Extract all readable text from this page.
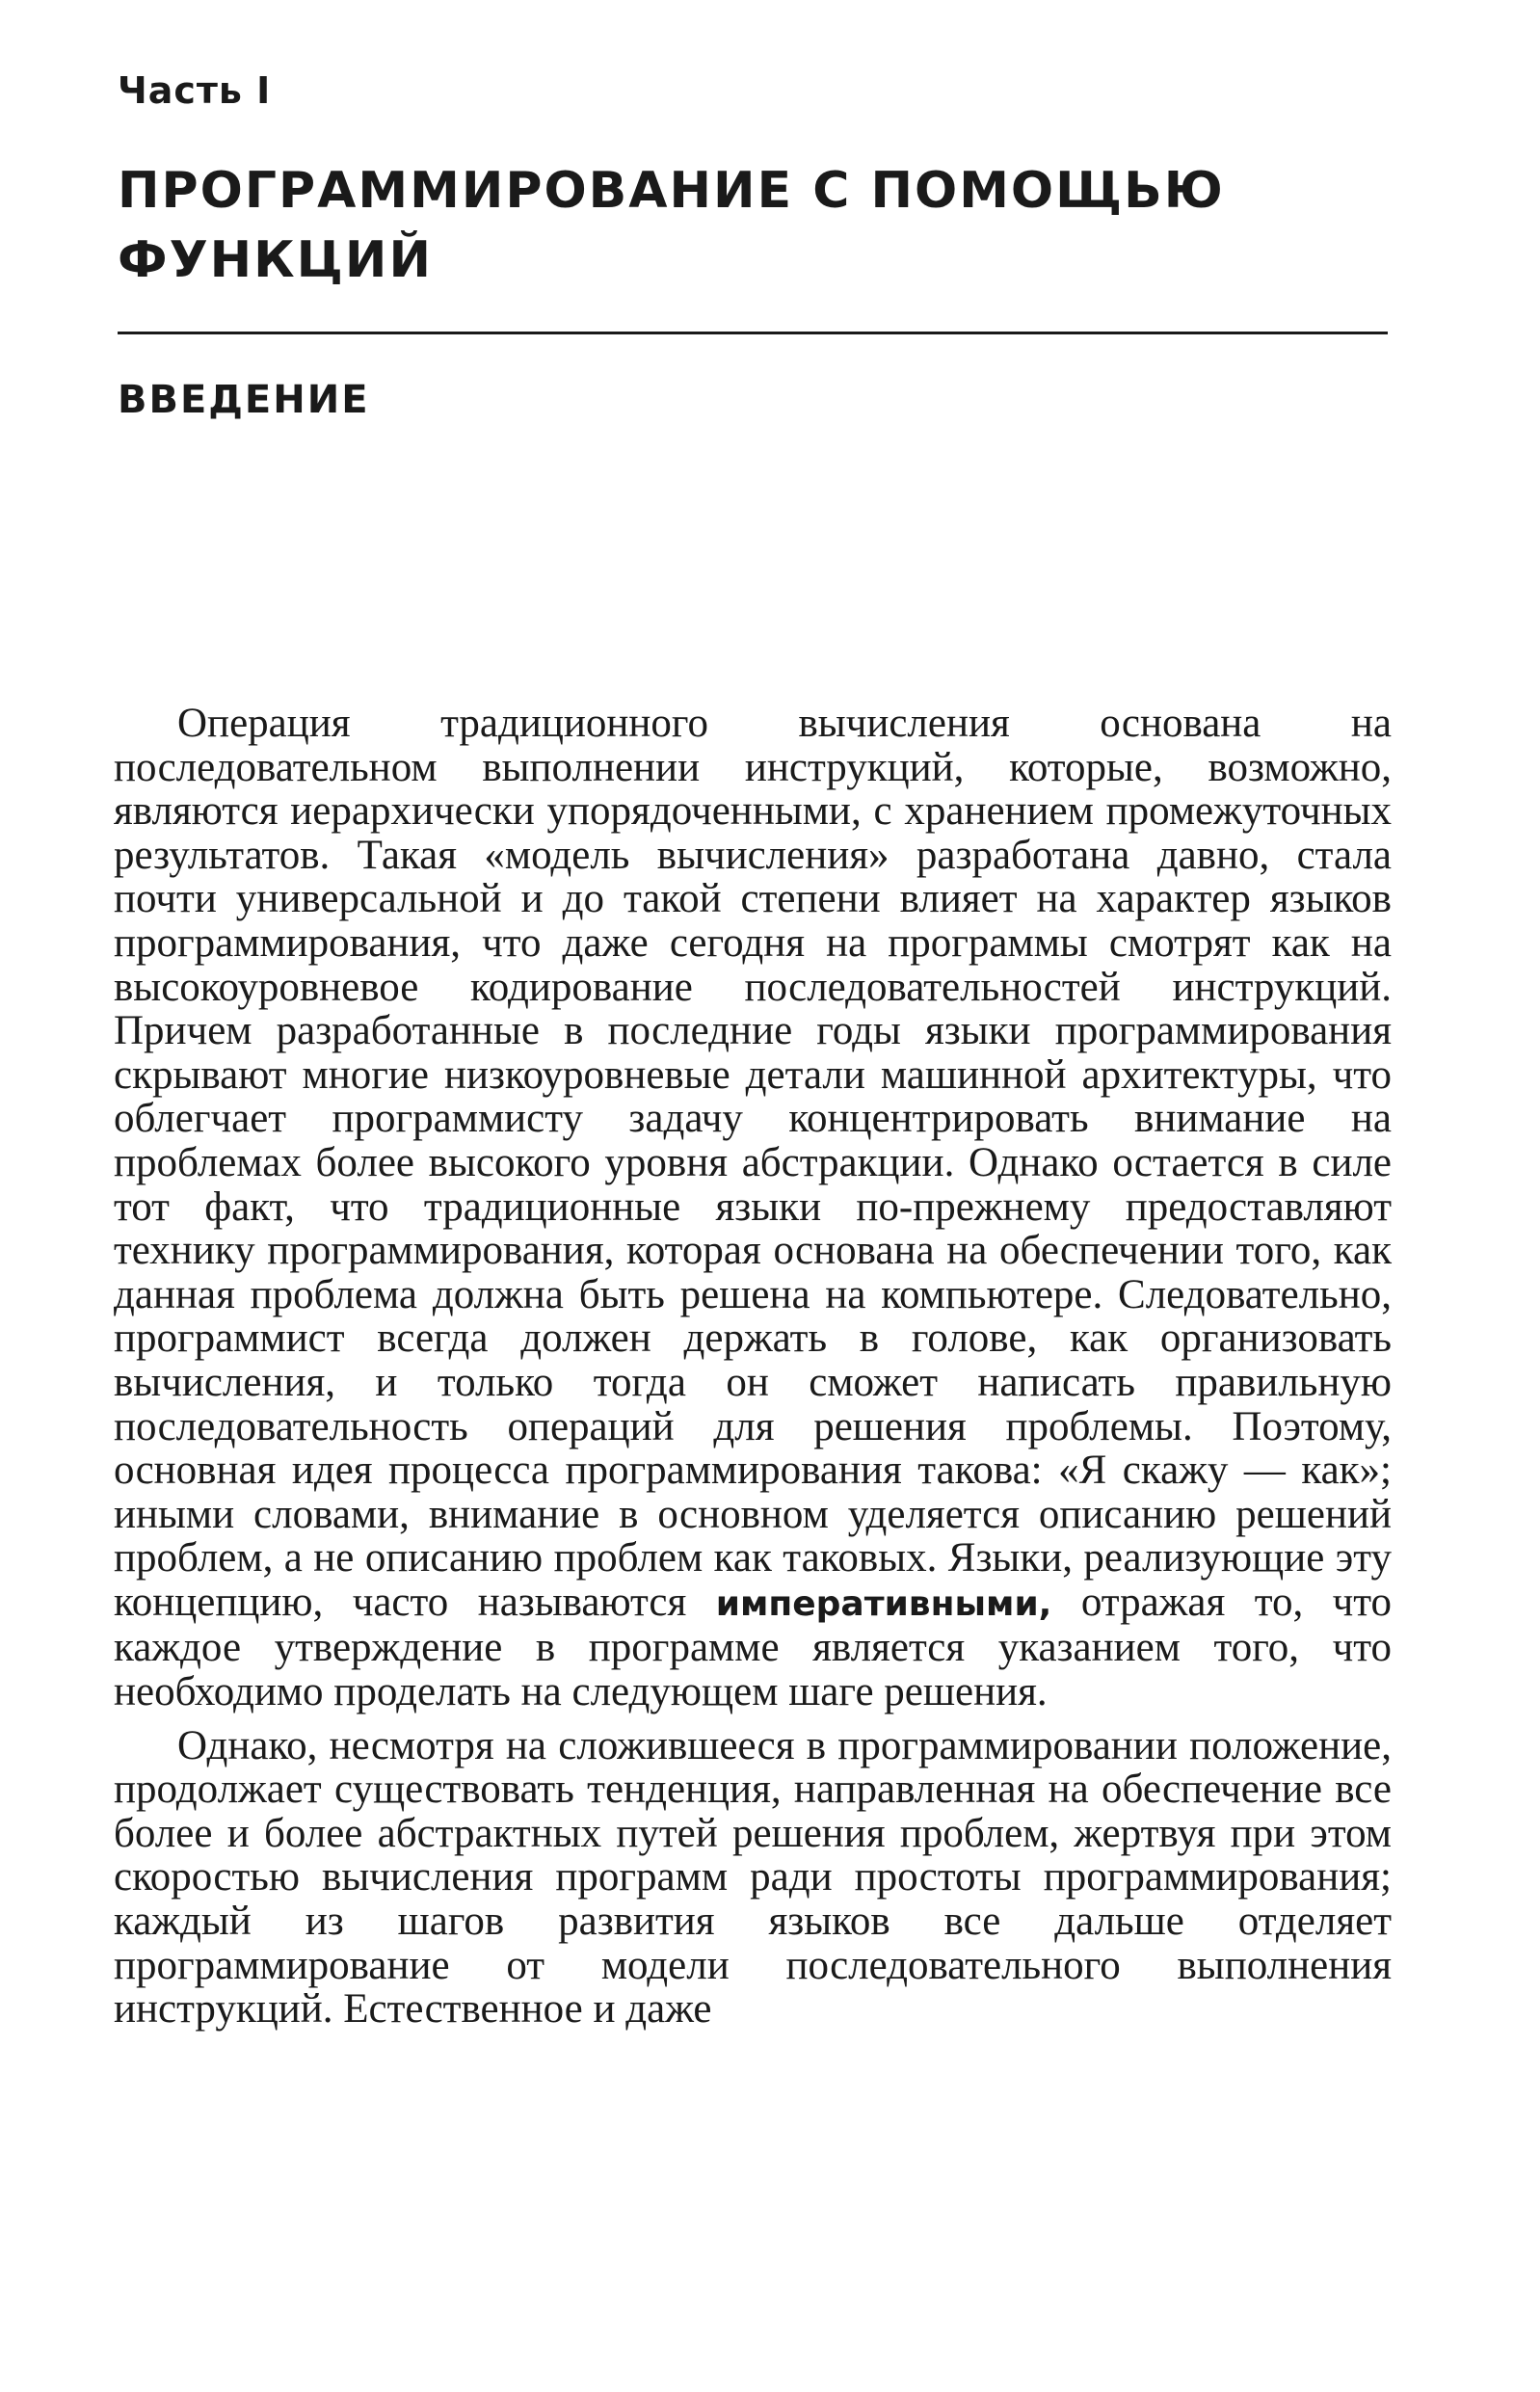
Часть I
ПРОГРАММИРОВАНИЕ С ПОМОЩЬЮ ФУНКЦИЙ
ВВЕДЕНИЕ

Операция традиционного вычисления основана на последовательном выполнении инструкций, которые, возможно, являются иерархически упорядоченными, с хранением промежуточных результатов. Такая «модель вычисления» разработана давно, стала почти универсальной и до такой степени влияет на характер языков программирования, что даже сегодня на программы смотрят как на высокоуровневое кодирование последовательностей инструкций. Причем разработанные в последние годы языки программирования скрывают многие низкоуровневые детали машинной архитектуры, что облегчает программисту задачу концентрировать внимание на проблемах более высокого уровня абстракции. Однако остается в силе тот факт, что традиционные языки по-прежнему предоставляют технику программирования, которая основана на обеспечении того, как данная проблема должна быть решена на компьютере. Следовательно, программист всегда должен держать в голове, как организовать вычисления, и только тогда он сможет написать правильную последовательность операций для решения проблемы. Поэтому, основная идея процесса программирования такова: «Я скажу — как»; иными словами, внимание в основном уделяется описанию решений проблем, а не описанию проблем как таковых. Языки, реализующие эту концепцию, часто называются императивными, отражая то, что каждое утверждение в программе является указанием того, что необходимо проделать на следующем шаге решения.

Однако, несмотря на сложившееся в программировании положение, продолжает существовать тенденция, направленная на обеспечение все более и более абстрактных путей решения проблем, жертвуя при этом скоростью вычисления программ ради простоты программирования; каждый из шагов развития языков все дальше отделяет программирование от модели последовательного выполнения инструкций. Естественное и даже
